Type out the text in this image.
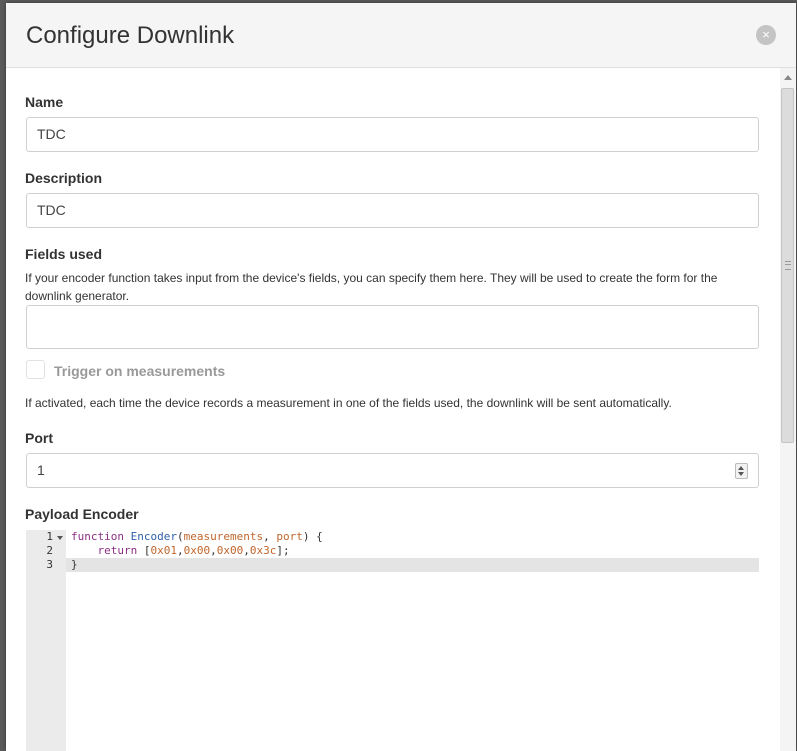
Configure Downlink	×
Name
TDC
Description
TDC
Fields used
If your encoder function takes input from the device's fields, you can specify them here. They will be used to create the form for the downlink generator.
Trigger on measurements
If activated, each time the device records a measurement in one of the fields used, the downlink will be sent automatically.
Port
1
Payload Encoder
1
2
3
function Encoder(measurements, port) {
return [0x01,0x00,0x00,0x3c];
}
